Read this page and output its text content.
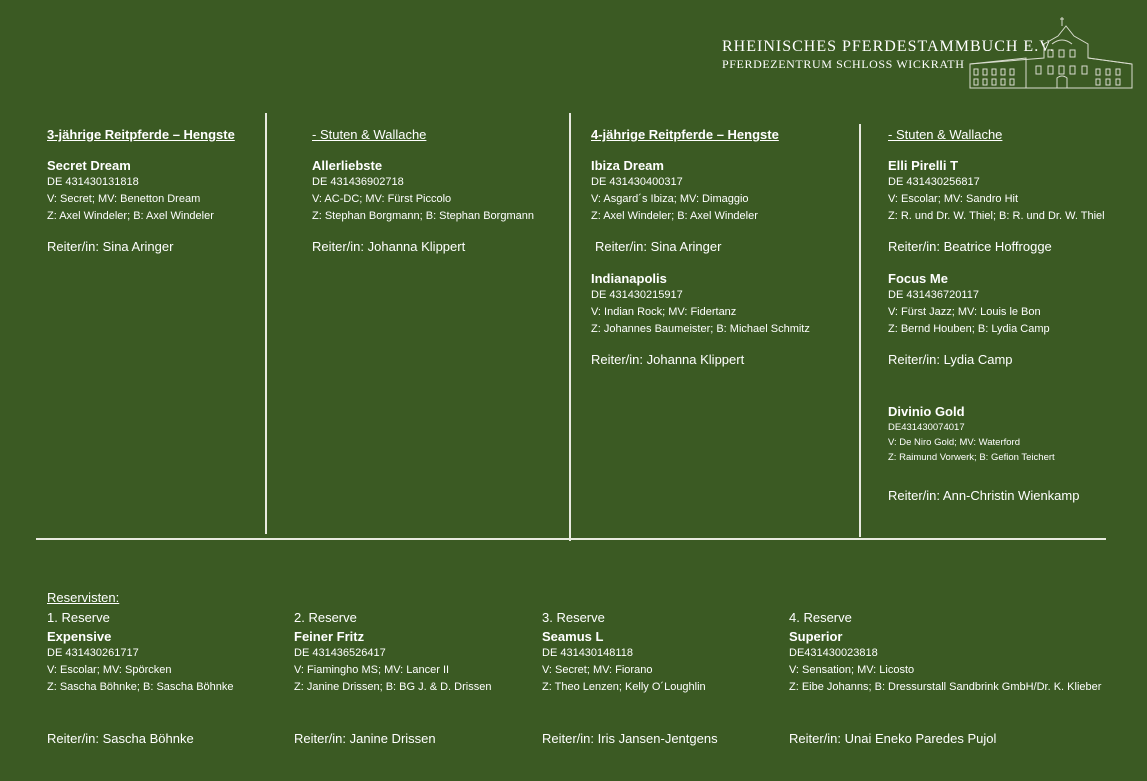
RHEINISCHES PFERDESTAMMBUCH E.V.
PFERDEZENTRUM SCHLOSS WICKRATH
3-jährige Reitpferde – Hengste
Secret Dream
DE 431430131818
V: Secret; MV: Benetton Dream
Z: Axel Windeler; B: Axel Windeler
Reiter/in: Sina Aringer
- Stuten & Wallache
Allerliebste
DE 431436902718
V: AC-DC; MV: Fürst Piccolo
Z: Stephan Borgmann; B: Stephan Borgmann
Reiter/in: Johanna Klippert
4-jährige Reitpferde – Hengste
Ibiza Dream
DE 431430400317
V: Asgard´s Ibiza; MV: Dimaggio
Z: Axel Windeler; B: Axel Windeler
Reiter/in: Sina Aringer
Indianapolis
DE 431430215917
V: Indian Rock; MV: Fidertanz
Z: Johannes Baumeister; B: Michael Schmitz
Reiter/in: Johanna Klippert
- Stuten & Wallache
Elli Pirelli T
DE 431430256817
V: Escolar; MV: Sandro Hit
Z: R. und Dr. W. Thiel; B: R. und Dr. W. Thiel
Reiter/in: Beatrice Hoffrogge
Focus Me
DE 431436720117
V: Fürst Jazz; MV: Louis le Bon
Z: Bernd Houben; B: Lydia Camp
Reiter/in: Lydia Camp
Divinio Gold
DE431430074017
V: De Niro Gold; MV: Waterford
Z: Raimund Vorwerk; B: Gefion Teichert
Reiter/in: Ann-Christin Wienkamp
Reservisten:
1. Reserve
Expensive
DE 431430261717
V: Escolar; MV: Spörcken
Z: Sascha Böhnke; B: Sascha Böhnke
Reiter/in: Sascha Böhnke
2. Reserve
Feiner Fritz
DE 431436526417
V: Fiamingho MS; MV: Lancer II
Z: Janine Drissen; B: BG J. & D. Drissen
Reiter/in: Janine Drissen
3. Reserve
Seamus L
DE 431430148118
V: Secret; MV: Fiorano
Z: Theo Lenzen; Kelly O´Loughlin
Reiter/in: Iris Jansen-Jentgens
4. Reserve
Superior
DE431430023818
V: Sensation; MV: Licosto
Z: Eibe Johanns; B: Dressurstall Sandbrink GmbH/Dr. K. Klieber
Reiter/in: Unai Eneko Paredes Pujol
